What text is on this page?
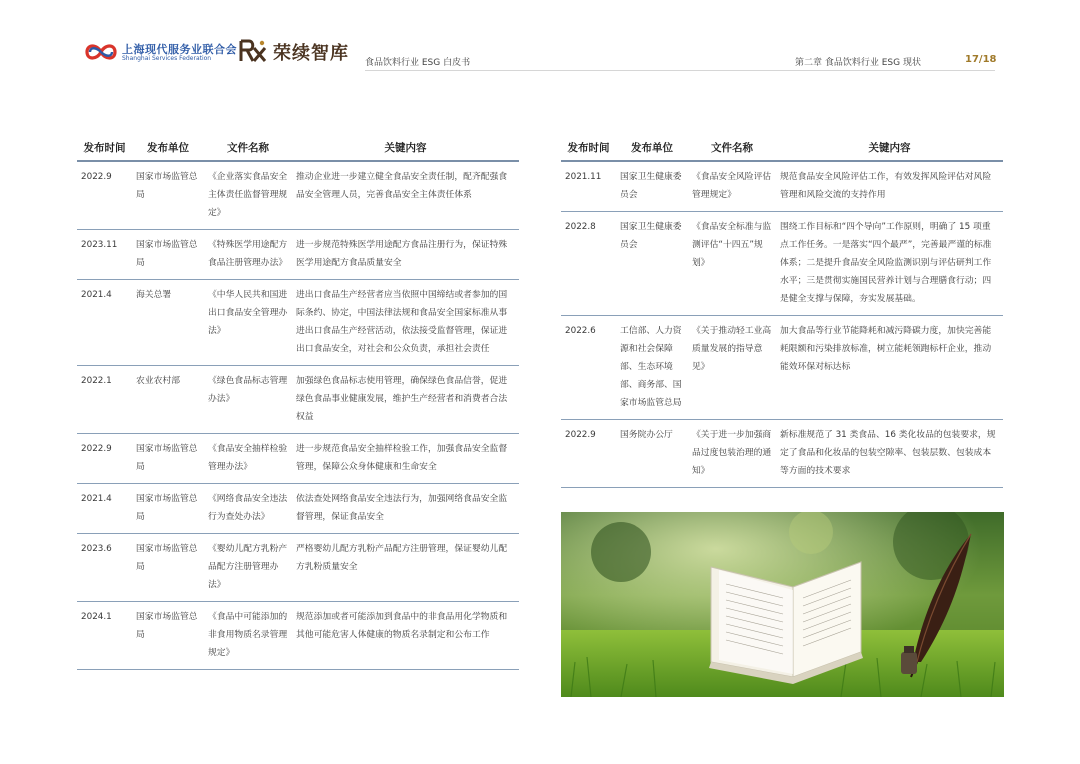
上海现代服务业联合会
Shanghai Services Federation	荣续智库 食品饮料行业 ESG 白皮书	第二章 食品饮料行业 ESG 现状	17/18
发布时间	发布单位	文件名称	关键内容
2022.9	国家市场监管总局	《企业落实食品安全主体责任监督管理规定》	推动企业进一步建立健全食品安全责任制，配齐配强食品安全管理人员，完善食品安全主体责任体系
2023.11	国家市场监管总局	《特殊医学用途配方食品注册管理办法》	进一步规范特殊医学用途配方食品注册行为，保证特殊医学用途配方食品质量安全
2021.4	海关总署	《中华人民共和国进出口食品安全管理办法》	进出口食品生产经营者应当依照中国缔结或者参加的国际条约、协定，中国法律法规和食品安全国家标准从事进出口食品生产经营活动，依法接受监督管理，保证进出口食品安全，对社会和公众负责，承担社会责任
2022.1	农业农村部	《绿色食品标志管理办法》	加强绿色食品标志使用管理，确保绿色食品信誉，促进绿色食品事业健康发展，维护生产经营者和消费者合法权益
2022.9	国家市场监管总局	《食品安全抽样检验管理办法》	进一步规范食品安全抽样检验工作，加强食品安全监督管理，保障公众身体健康和生命安全
2021.4	国家市场监管总局	《网络食品安全违法行为查处办法》	依法查处网络食品安全违法行为，加强网络食品安全监督管理，保证食品安全
2023.6	国家市场监管总局	《婴幼儿配方乳粉产品配方注册管理办法》	严格婴幼儿配方乳粉产品配方注册管理，保证婴幼儿配方乳粉质量安全
2024.1	国家市场监管总局	《食品中可能添加的非食用物质名录管理规定》	规范添加或者可能添加到食品中的非食品用化学物质和其他可能危害人体健康的物质名录制定和公布工作
发布时间	发布单位	文件名称	关键内容
2021.11	国家卫生健康委员会	《食品安全风险评估管理规定》	规范食品安全风险评估工作，有效发挥风险评估对风险管理和风险交流的支持作用
2022.8	国家卫生健康委员会	《食品安全标准与监测评估“十四五”规划》	围绕工作目标和“四个导向”工作原则，明确了 15 项重点工作任务。一是落实“四个最严”，完善最严谨的标准体系；二是提升食品安全风险监测识别与评估研判工作水平；三是贯彻实施国民营养计划与合理膳食行动；四是健全支撑与保障，夯实发展基础。
2022.6	工信部、人力资源和社会保障部、生态环境部、商务部、国家市场监管总局	《关于推动轻工业高质量发展的指导意见》	加大食品等行业节能降耗和减污降碳力度，加快完善能耗限额和污染排放标准，树立能耗领跑标杆企业，推动能效环保对标达标
2022.9	国务院办公厅	《关于进一步加强商品过度包装治理的通知》	新标准规范了 31 类食品、16 类化妆品的包装要求，规定了食品和化妆品的包装空隙率、包装层数、包装成本等方面的技术要求
